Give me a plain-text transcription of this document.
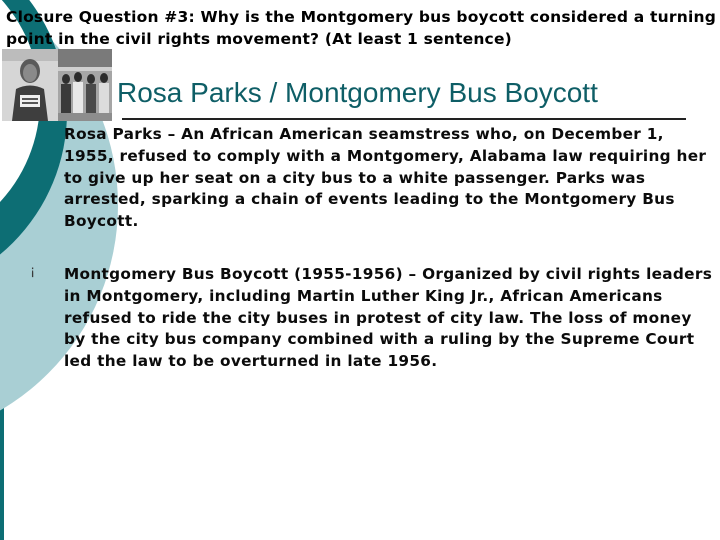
Closure Question #3: Why is the Montgomery bus boycott considered a turning point in the civil rights movement? (At least 1 sentence)
Rosa Parks / Montgomery Bus Boycott
Rosa Parks – An African American seamstress who, on December 1, 1955, refused to comply with a Montgomery, Alabama law requiring her to give up her seat on a city bus to a white passenger. Parks was arrested, sparking a chain of events leading to the Montgomery Bus Boycott.
¡ Montgomery Bus Boycott (1955-1956) – Organized by civil rights leaders in Montgomery, including Martin Luther King Jr., African Americans refused to ride the city buses in protest of city law. The loss of money by the city bus company combined with a ruling by the Supreme Court led the law to be overturned in late 1956.
